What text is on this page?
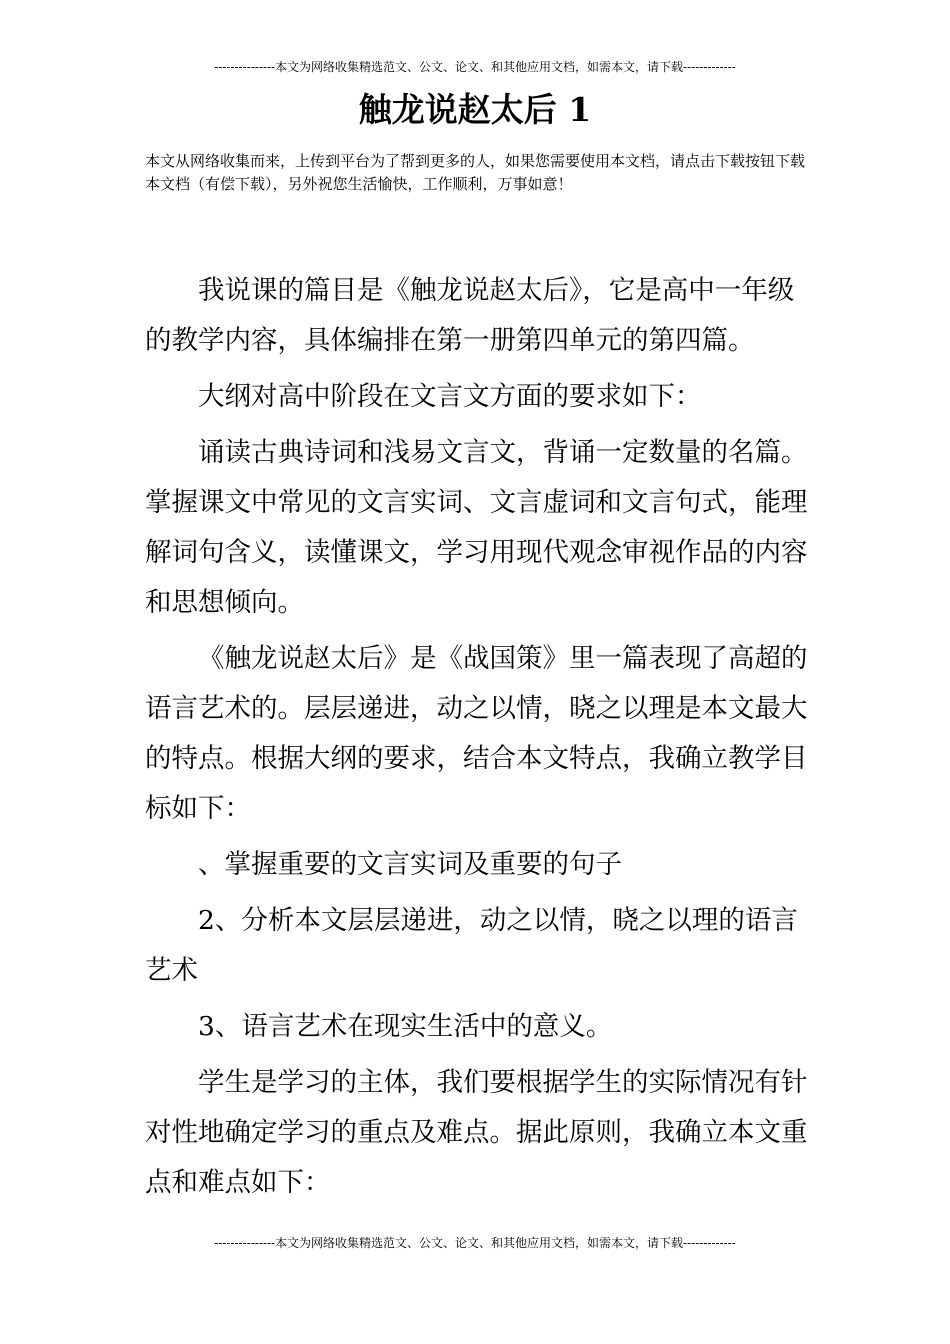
---------------本文为网络收集精选范文、公文、论文、和其他应用文档，如需本文，请下载-------------
触龙说赵太后 1
本文从网络收集而来，上传到平台为了帮到更多的人，如果您需要使用本文档，请点击下载按钮下载本文档（有偿下载），另外祝您生活愉快，工作顺利，万事如意！

我说课的篇目是《触龙说赵太后》，它是高中一年级的教学内容，具体编排在第一册第四单元的第四篇。

大纲对高中阶段在文言文方面的要求如下：

诵读古典诗词和浅易文言文，背诵一定数量的名篇。掌握课文中常见的文言实词、文言虚词和文言句式，能理解词句含义，读懂课文，学习用现代观念审视作品的内容和思想倾向。

《触龙说赵太后》是《战国策》里一篇表现了高超的语言艺术的。层层递进，动之以情，晓之以理是本文最大的特点。根据大纲的要求，结合本文特点，我确立教学目标如下：

、掌握重要的文言实词及重要的句子

2、分析本文层层递进，动之以情，晓之以理的语言艺术

3、语言艺术在现实生活中的意义。

学生是学习的主体，我们要根据学生的实际情况有针对性地确定学习的重点及难点。据此原则，我确立本文重点和难点如下：

---------------本文为网络收集精选范文、公文、论文、和其他应用文档，如需本文，请下载-------------
